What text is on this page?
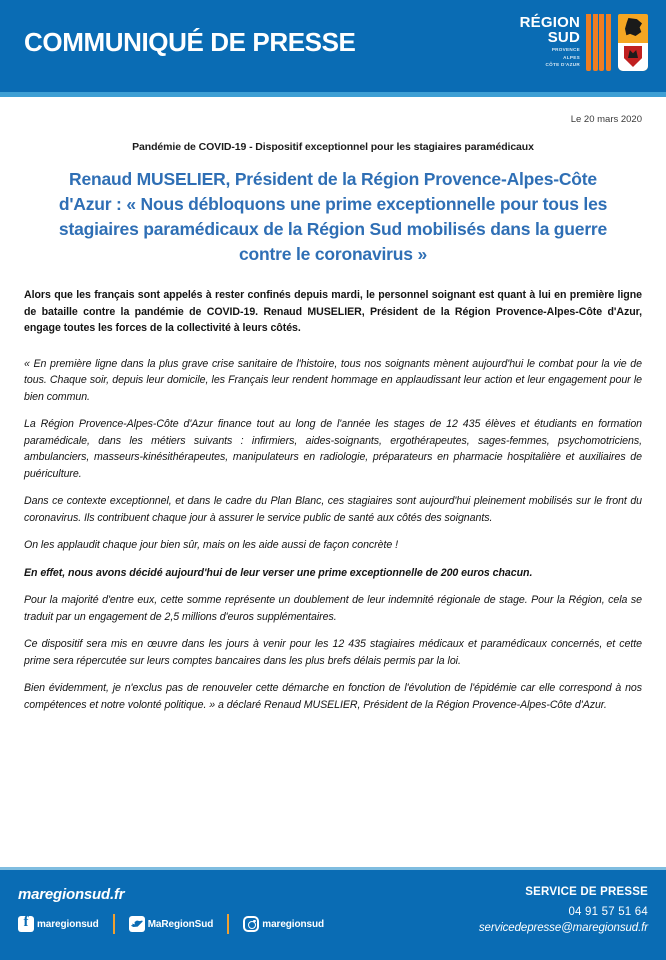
COMMUNIQUÉ DE PRESSE
RÉGION
SUD
PROVENCE
ALPES
CÔTE D'AZUR
Le 20 mars 2020
Pandémie de COVID-19 - Dispositif exceptionnel pour les stagiaires paramédicaux
Renaud MUSELIER, Président de la Région Provence-Alpes-Côte d'Azur : « Nous débloquons une prime exceptionnelle pour tous les stagiaires paramédicaux de la Région Sud mobilisés dans la guerre contre le coronavirus »
Alors que les français sont appelés à rester confinés depuis mardi, le personnel soignant est quant à lui en première ligne de bataille contre la pandémie de COVID-19. Renaud MUSELIER, Président de la Région Provence-Alpes-Côte d'Azur, engage toutes les forces de la collectivité à leurs côtés.
« En première ligne dans la plus grave crise sanitaire de l'histoire, tous nos soignants mènent aujourd'hui le combat pour la vie de tous. Chaque soir, depuis leur domicile, les Français leur rendent hommage en applaudissant leur action et leur engagement pour le bien commun.
La Région Provence-Alpes-Côte d'Azur finance tout au long de l'année les stages de 12 435 élèves et étudiants en formation paramédicale, dans les métiers suivants : infirmiers, aides-soignants, ergothérapeutes, sages-femmes, psychomotriciens, ambulanciers, masseurs-kinésithérapeutes, manipulateurs en radiologie, préparateurs en pharmacie hospitalière et auxiliaires de puériculture.
Dans ce contexte exceptionnel, et dans le cadre du Plan Blanc, ces stagiaires sont aujourd'hui pleinement mobilisés sur le front du coronavirus. Ils contribuent chaque jour à assurer le service public de santé aux côtés des soignants.
On les applaudit chaque jour bien sûr, mais on les aide aussi de façon concrète !
En effet, nous avons décidé aujourd'hui de leur verser une prime exceptionnelle de 200 euros chacun.
Pour la majorité d'entre eux, cette somme représente un doublement de leur indemnité régionale de stage. Pour la Région, cela se traduit par un engagement de 2,5 millions d'euros supplémentaires.
Ce dispositif sera mis en œuvre dans les jours à venir pour les 12 435 stagiaires médicaux et paramédicaux concernés, et cette prime sera répercutée sur leurs comptes bancaires dans les plus brefs délais permis par la loi.
Bien évidemment, je n'exclus pas de renouveler cette démarche en fonction de l'évolution de l'épidémie car elle correspond à nos compétences et notre volonté politique. » a déclaré Renaud MUSELIER, Président de la Région Provence-Alpes-Côte d'Azur.
maregionsud.fr
f
maregionsud	MaRegionSud	maregionsud
SERVICE DE PRESSE
04 91 57 51 64
servicedepresse@maregionsud.fr
